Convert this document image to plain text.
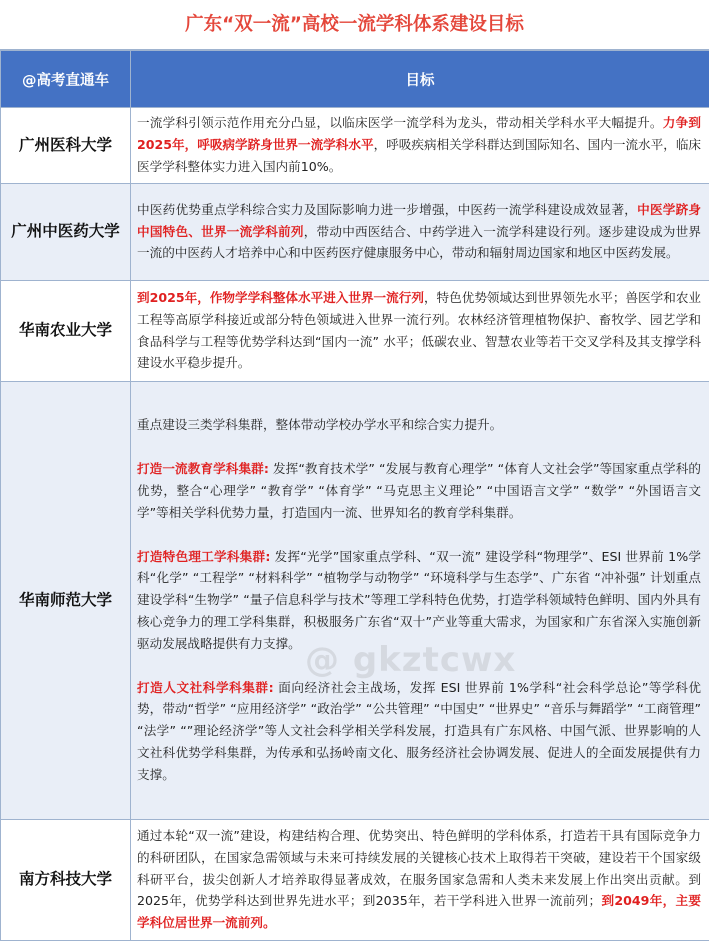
广东“双一流”高校一流学科体系建设目标
@高考直通车	目标
广州医科大学	一流学科引领示范作用充分凸显，以临床医学一流学科为龙头，带动相关学科水平大幅提升。力争到2025年，呼吸病学跻身世界一流学科水平，呼吸疾病相关学科群达到国际知名、国内一流水平，临床医学学科整体实力进入国内前10%。
广州中医药大学	中医药优势重点学科综合实力及国际影响力进一步增强，中医药一流学科建设成效显著，中医学跻身中国特色、世界一流学科前列，带动中西医结合、中药学进入一流学科建设行列。逐步建设成为世界一流的中医药人才培养中心和中医药医疗健康服务中心，带动和辐射周边国家和地区中医药发展。
华南农业大学	到2025年，作物学学科整体水平进入世界一流行列，特色优势领域达到世界领先水平；兽医学和农业工程等高原学科接近或部分特色领域进入世界一流行列。农林经济管理植物保护、畜牧学、园艺学和食品科学与工程等优势学科达到“国内一流” 水平；低碳农业、智慧农业等若干交叉学科及其支撑学科建设水平稳步提升。
华南师范大学	重点建设三类学科集群，整体带动学校办学水平和综合实力提升。
打造一流教育学科集群: 发挥“教育技术学” “发展与教育心理学” “体育人文社会学”等国家重点学科的优势，整合“心理学” “教育学” “体育学” “马克思主义理论” “中国语言文学” “数学” “外国语言文学”等相关学科优势力量，打造国内一流、世界知名的教育学科集群。
打造特色理工学科集群: 发挥“光学”国家重点学科、“双一流” 建设学科“物理学”、ESI 世界前 1%学科“化学” “工程学” “材料科学” “植物学与动物学” “环境科学与生态学”、广东省 “冲补强” 计划重点建设学科“生物学” “量子信息科学与技术”等理工学科特色优势，打造学科领域特色鲜明、国内外具有核心竞争力的理工学科集群，积极服务广东省“双十”产业等重大需求，为国家和广东省深入实施创新驱动发展战略提供有力支撑。
打造人文社科学科集群: 面向经济社会主战场，发挥 ESI 世界前 1%学科“社会科学总论”等学科优势，带动“哲学” “应用经济学” “政治学” “公共管理” “中国史” “世界史” “音乐与舞蹈学” “工商管理” “法学” “”理论经济学”等人文社会科学相关学科发展，打造具有广东风格、中国气派、世界影响的人文社科优势学科集群，为传承和弘扬岭南文化、服务经济社会协调发展、促进人的全面发展提供有力支撑。

南方科技大学	通过本轮“双一流”建设，构建结构合理、优势突出、特色鲜明的学科体系，打造若干具有国际竞争力的科研团队，在国家急需领域与未来可持续发展的关键核心技术上取得若干突破，建设若干个国家级科研平台，拔尖创新人才培养取得显著成效，在服务国家急需和人类未来发展上作出突出贡献。到2025年，优势学科达到世界先进水平；到2035年，若干学科进入世界一流前列；到2049年，主要学科位居世界一流前列。
